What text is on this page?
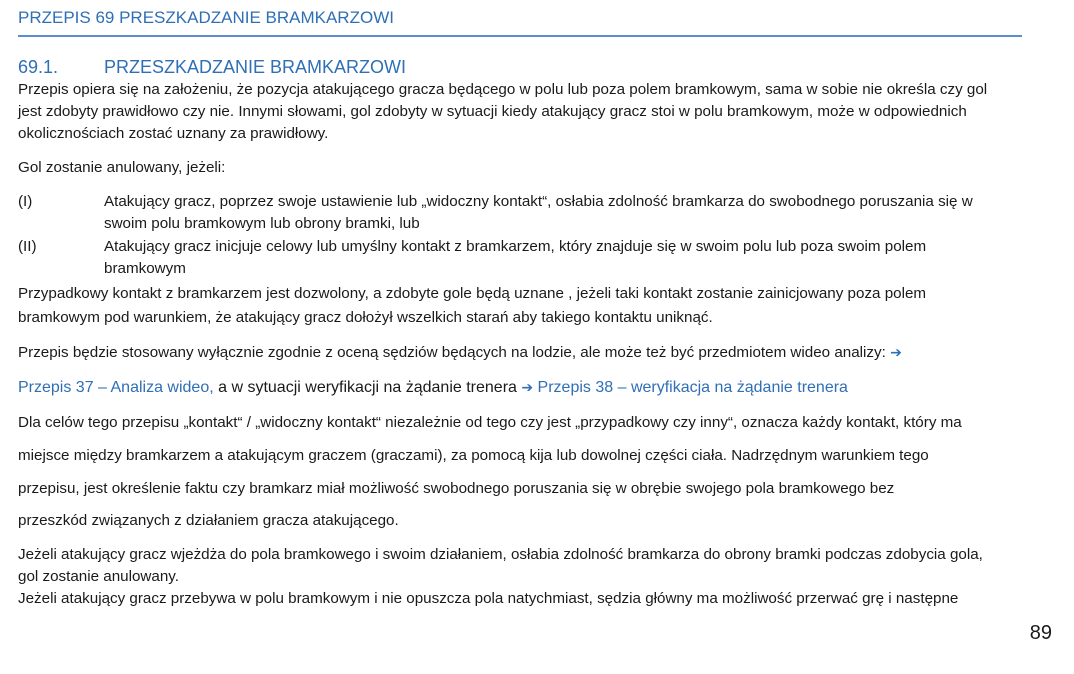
PRZEPIS 69 PRESZKADZANIE BRAMKARZOWI
69.1.	PRZESZKADZANIE BRAMKARZOWI
Przepis opiera się na założeniu, że pozycja atakującego gracza będącego w polu lub poza polem bramkowym, sama w sobie nie określa czy gol
jest zdobyty prawidłowo czy nie. Innymi słowami, gol zdobyty w sytuacji kiedy atakujący gracz stoi w polu bramkowym, może w odpowiednich
okolicznościach zostać uznany za prawidłowy.
Gol zostanie anulowany, jeżeli:
(I)	Atakujący gracz, poprzez swoje ustawienie lub „widoczny kontakt“, osłabia zdolność bramkarza do swobodnego poruszania się w
swoim polu bramkowym lub obrony bramki, lub
(II)	Atakujący gracz inicjuje celowy lub umyślny kontakt z bramkarzem, który znajduje się w swoim polu lub poza swoim polem
bramkowym
Przypadkowy kontakt z bramkarzem jest dozwolony, a zdobyte gole będą uznane , jeżeli taki kontakt zostanie zainicjowany poza polem
bramkowym pod warunkiem, że atakujący gracz dołożył wszelkich starań aby takiego kontaktu uniknąć.
Przepis będzie stosowany wyłącznie zgodnie z oceną sędziów będących na lodzie, ale może też być przedmiotem wideo analizy: ➔
Przepis 37 – Analiza wideo, a w sytuacji weryfikacji na żądanie trenera ➔ Przepis 38 – weryfikacja na żądanie trenera
Dla celów tego przepisu „kontakt“ / „widoczny kontakt“ niezależnie od tego czy jest „przypadkowy czy inny“, oznacza każdy kontakt, który ma
miejsce między bramkarzem a atakującym graczem (graczami), za pomocą kija lub dowolnej części ciała. Nadrzędnym warunkiem tego
przepisu, jest określenie faktu czy bramkarz miał możliwość swobodnego poruszania się w obrębie swojego pola bramkowego bez
przeszkód związanych z działaniem gracza atakującego.
Jeżeli atakujący gracz wjeżdża do pola bramkowego i swoim działaniem, osłabia zdolność bramkarza do obrony bramki podczas zdobycia gola,
gol zostanie anulowany.
Jeżeli atakujący gracz przebywa w polu bramkowym i nie opuszcza pola natychmiast, sędzia główny ma możliwość przerwać grę i następne
89
